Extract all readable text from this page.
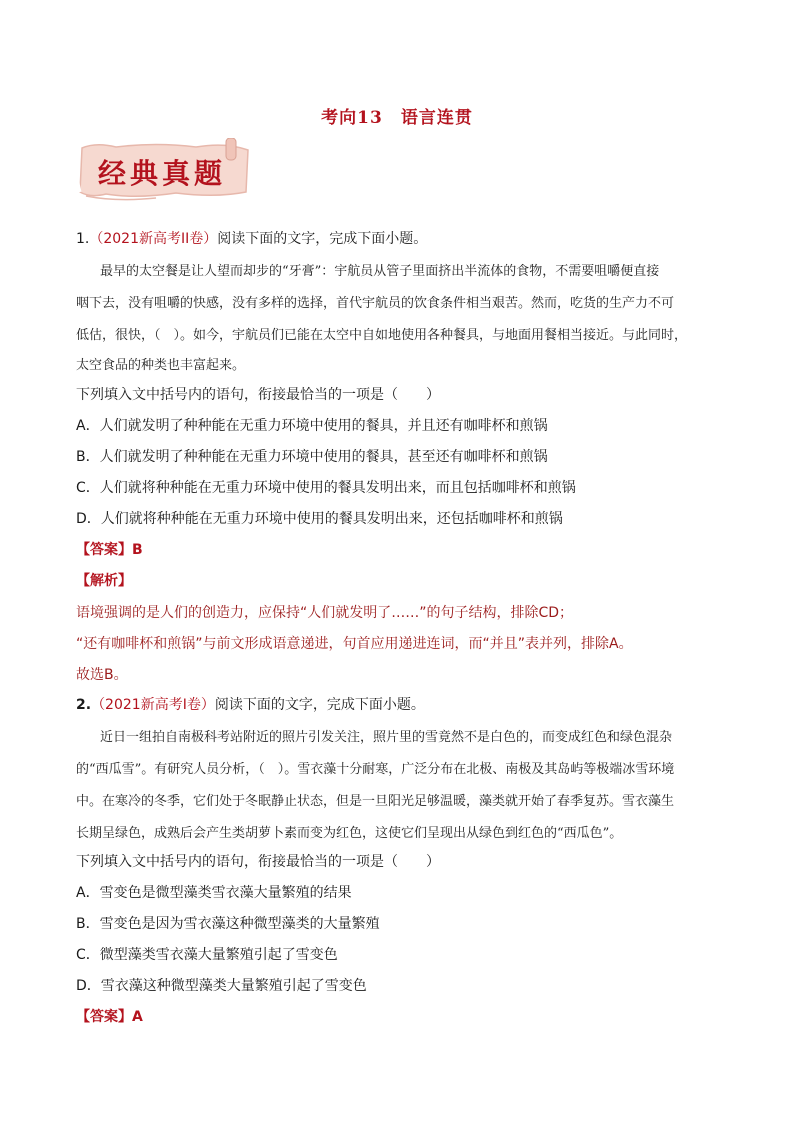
考向13　语言连贯
经典真题
1.（2021新高考II卷）阅读下面的文字，完成下面小题。
最早的太空餐是让人望而却步的“牙膏”：宇航员从管子里面挤出半流体的食物，不需要咀嚼便直接
咽下去，没有咀嚼的快感，没有多样的选择，首代宇航员的饮食条件相当艰苦。然而，吃货的生产力不可
低估，很快，（　）。如今，宇航员们已能在太空中自如地使用各种餐具，与地面用餐相当接近。与此同时，
太空食品的种类也丰富起来。
下列填入文中括号内的语句，衔接最恰当的一项是（　　）
A．人们就发明了种种能在无重力环境中使用的餐具，并且还有咖啡杯和煎锅
B．人们就发明了种种能在无重力环境中使用的餐具，甚至还有咖啡杯和煎锅
C．人们就将种种能在无重力环境中使用的餐具发明出来，而且包括咖啡杯和煎锅
D．人们就将种种能在无重力环境中使用的餐具发明出来，还包括咖啡杯和煎锅
【答案】B
【解析】
语境强调的是人们的创造力，应保持“人们就发明了……”的句子结构，排除CD；
“还有咖啡杯和煎锅”与前文形成语意递进，句首应用递进连词，而“并且”表并列，排除A。
故选B。
2.（2021新高考I卷）阅读下面的文字，完成下面小题。
近日一组拍自南极科考站附近的照片引发关注，照片里的雪竟然不是白色的，而变成红色和绿色混杂
的“西瓜雪”。有研究人员分析，（　）。雪衣藻十分耐寒，广泛分布在北极、南极及其岛屿等极端冰雪环境
中。在寒冷的冬季，它们处于冬眠静止状态，但是一旦阳光足够温暖，藻类就开始了春季复苏。雪衣藻生
长期呈绿色，成熟后会产生类胡萝卜素而变为红色，这使它们呈现出从绿色到红色的“西瓜色”。
下列填入文中括号内的语句，衔接最恰当的一项是（　　）
A．雪变色是微型藻类雪衣藻大量繁殖的结果
B．雪变色是因为雪衣藻这种微型藻类的大量繁殖
C．微型藻类雪衣藻大量繁殖引起了雪变色
D．雪衣藻这种微型藻类大量繁殖引起了雪变色
【答案】A
